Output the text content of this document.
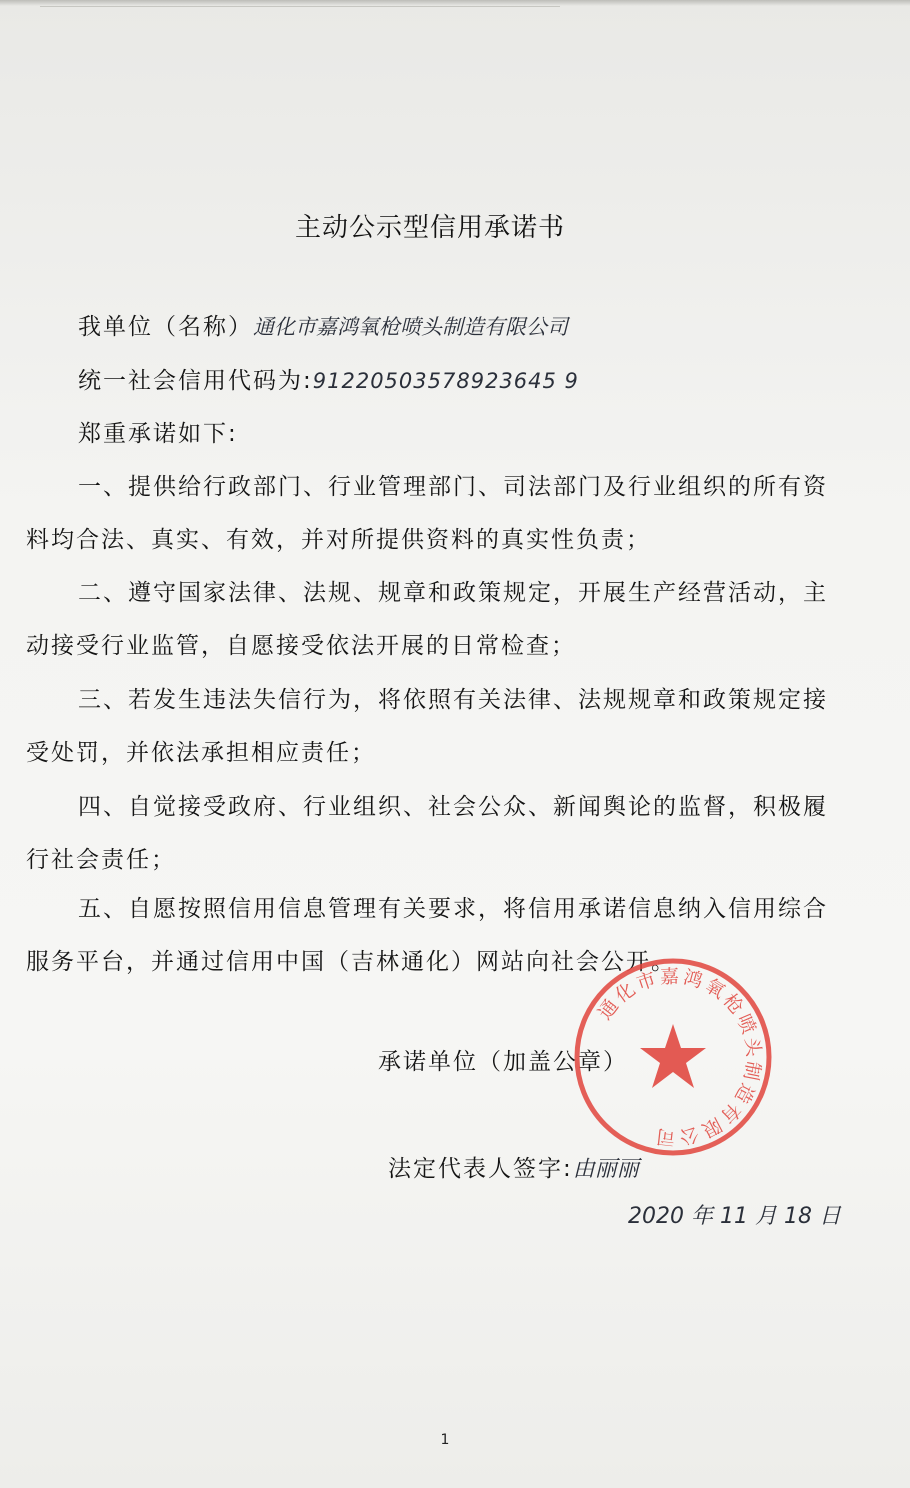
主动公示型信用承诺书
我单位（名称）通化市嘉鸿氧枪喷头制造有限公司
统一社会信用代码为:91220503578923645 9
郑重承诺如下:
一、提供给行政部门、行业管理部门、司法部门及行业组织的所有资
料均合法、真实、有效，并对所提供资料的真实性负责；
二、遵守国家法律、法规、规章和政策规定，开展生产经营活动，主
动接受行业监管，自愿接受依法开展的日常检查；
三、若发生违法失信行为，将依照有关法律、法规规章和政策规定接
受处罚，并依法承担相应责任；
四、自觉接受政府、行业组织、社会公众、新闻舆论的监督，积极履
行社会责任；
五、自愿按照信用信息管理有关要求，将信用承诺信息纳入信用综合
服务平台，并通过信用中国（吉林通化）网站向社会公开。
承诺单位（加盖公章）
法定代表人签字:由丽丽
2020 年 11 月 18 日
通化市嘉鸿氧枪喷头制造有限公司
1
